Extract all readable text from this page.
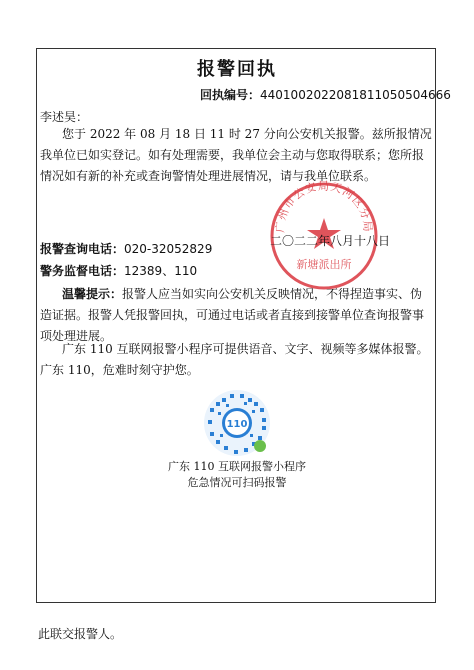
报警回执
回执编号：4401002022081811050504666
李述昊：
您于 2022 年 08 月 18 日 11 时 27 分向公安机关报警。兹所报情况我单位已如实登记。如有处理需要，我单位会主动与您取得联系；您所报情况如有新的补充或查询警情处理进展情况，请与我单位联系。
广州市公安局天河区分局
新塘派出所
二〇二二年八月十八日
报警查询电话：020-32052829
警务监督电话：12389、110
温馨提示：报警人应当如实向公安机关反映情况，不得捏造事实、伪造证据。报警人凭报警回执，可通过电话或者直接到接警单位查询报警事项处理进展。
广东 110 互联网报警小程序可提供语音、文字、视频等多媒体报警。广东 110，危难时刻守护您。
110
广东 110 互联网报警小程序
危急情况可扫码报警
此联交报警人。
